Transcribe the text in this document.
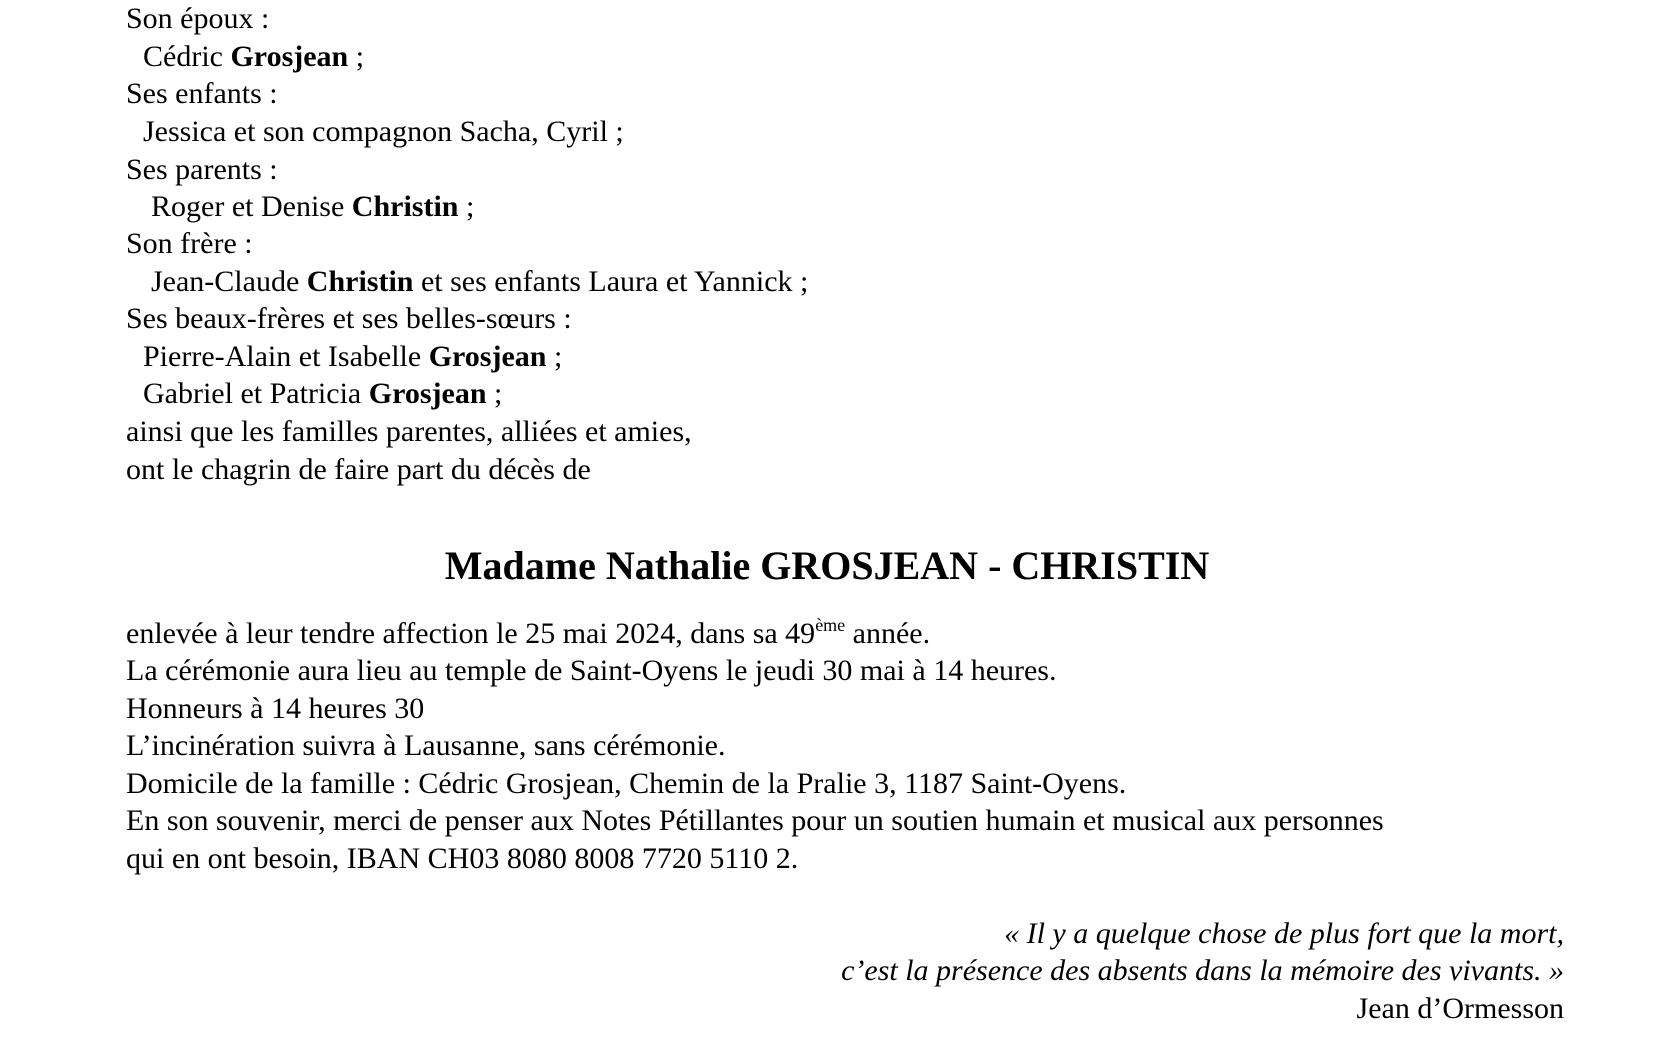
Son époux :
Cédric Grosjean ;
Ses enfants :
Jessica et son compagnon Sacha, Cyril ;
Ses parents :
Roger et Denise Christin ;
Son frère :
Jean-Claude Christin et ses enfants Laura et Yannick ;
Ses beaux-frères et ses belles-sœurs :
Pierre-Alain et Isabelle Grosjean ;
Gabriel et Patricia Grosjean ;
ainsi que les familles parentes, alliées et amies,
ont le chagrin de faire part du décès de
Madame Nathalie GROSJEAN - CHRISTIN
enlevée à leur tendre affection le 25 mai 2024, dans sa 49ème année.
La cérémonie aura lieu au temple de Saint-Oyens le jeudi 30 mai à 14 heures.
Honneurs à 14 heures 30
L’incinération suivra à Lausanne, sans cérémonie.
Domicile de la famille : Cédric Grosjean, Chemin de la Pralie 3, 1187 Saint-Oyens.
En son souvenir, merci de penser aux Notes Pétillantes pour un soutien humain et musical aux personnes
qui en ont besoin, IBAN CH03 8080 8008 7720 5110 2.
« Il y a quelque chose de plus fort que la mort,
c’est la présence des absents dans la mémoire des vivants. »
Jean d’Ormesson
